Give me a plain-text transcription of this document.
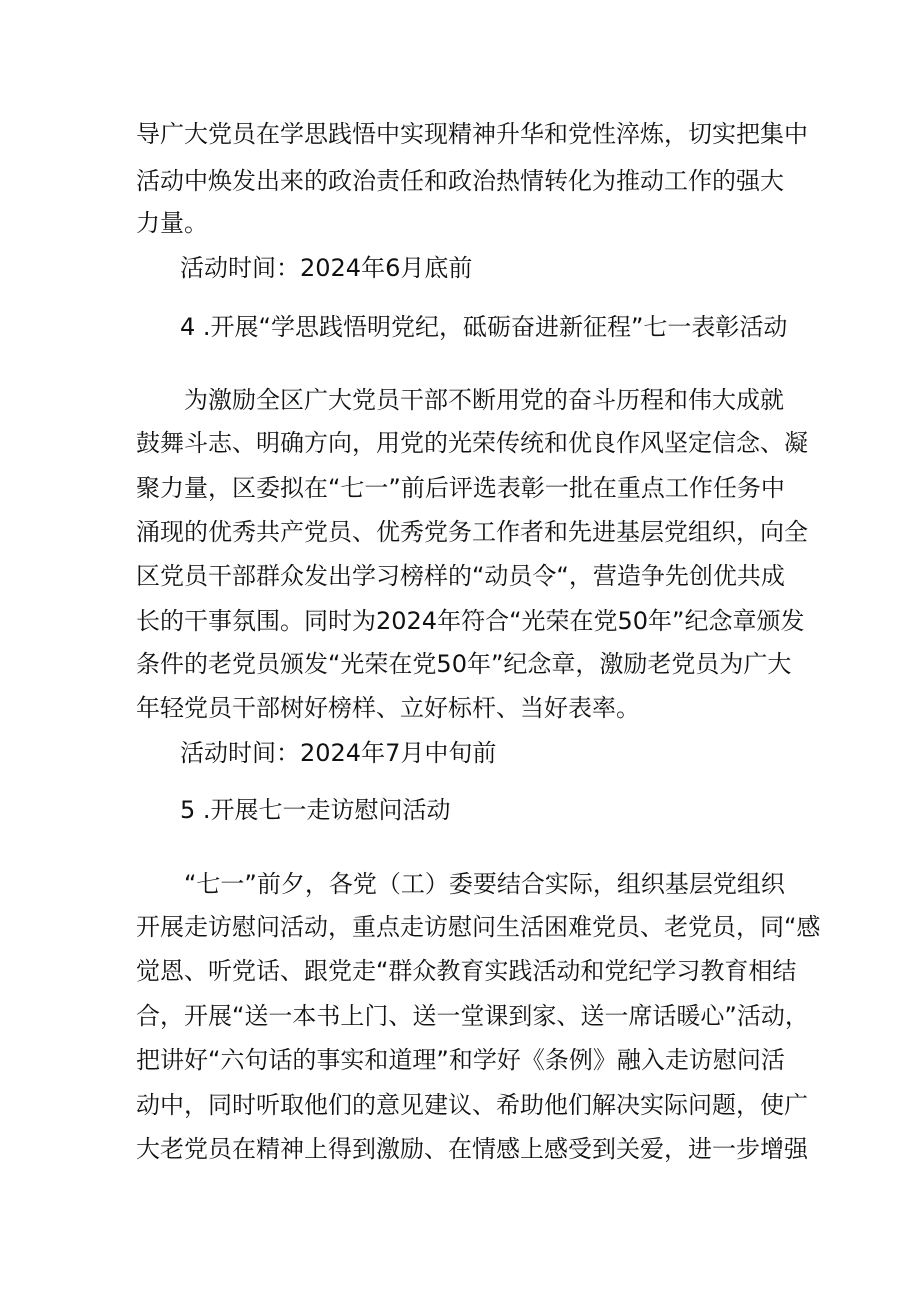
导广大党员在学思践悟中实现精神升华和党性淬炼，切实把集中
活动中焕发出来的政治责任和政治热情转化为推动工作的强大
力量。
活动时间：2024年6月底前
4 .开展“学思践悟明党纪，砥砺奋进新征程”七一表彰活动
为激励全区广大党员干部不断用党的奋斗历程和伟大成就
鼓舞斗志、明确方向，用党的光荣传统和优良作风坚定信念、凝
聚力量，区委拟在“七一”前后评选表彰一批在重点工作任务中
涌现的优秀共产党员、优秀党务工作者和先进基层党组织，向全
区党员干部群众发出学习榜样的“动员令“，营造争先创优共成
长的干事氛围。同时为2024年符合“光荣在党50年”纪念章颁发
条件的老党员颁发“光荣在党50年”纪念章，激励老党员为广大
年轻党员干部树好榜样、立好标杆、当好表率。
活动时间：2024年7月中旬前
5 .开展七一走访慰问活动
“七一”前夕，各党（工）委要结合实际，组织基层党组织
开展走访慰问活动，重点走访慰问生活困难党员、老党员，同“感
觉恩、听党话、跟党走“群众教育实践活动和党纪学习教育相结
合，开展“送一本书上门、送一堂课到家、送一席话暖心”活动，
把讲好“六句话的事实和道理”和学好《条例》融入走访慰问活
动中，同时听取他们的意见建议、希助他们解决实际问题，使广
大老党员在精神上得到激励、在情感上感受到关爱，进一步增强
